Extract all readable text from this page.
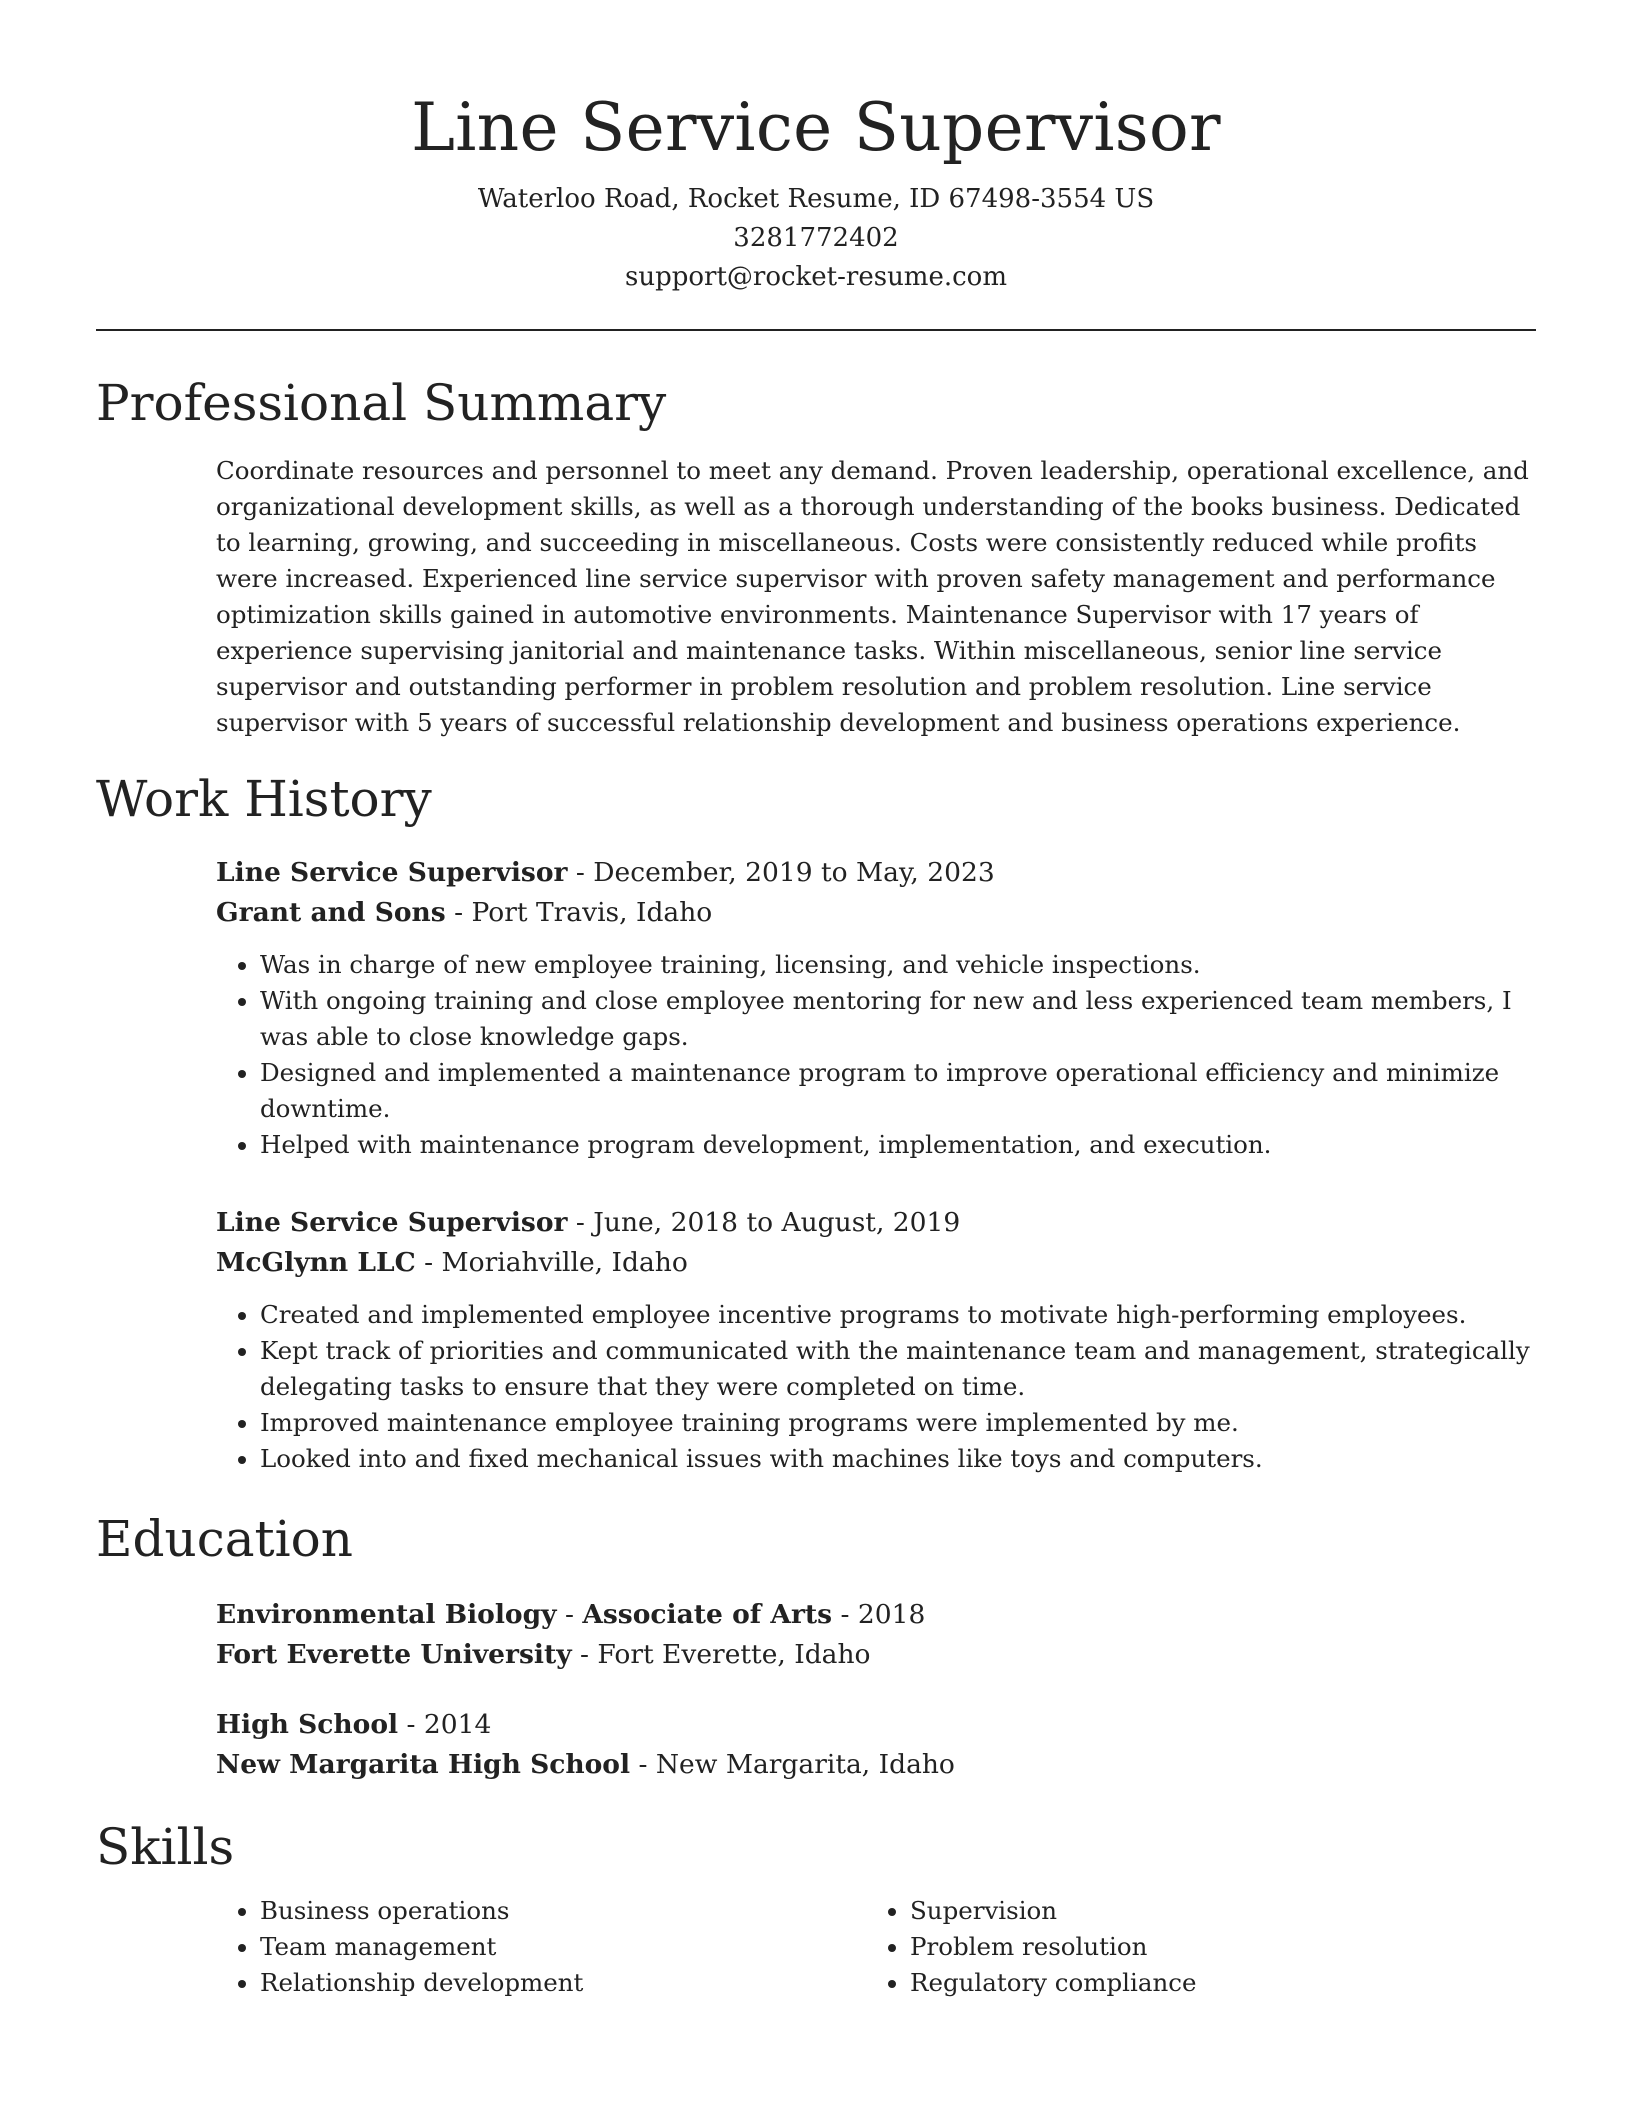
Line Service Supervisor
Waterloo Road, Rocket Resume, ID 67498-3554 US
3281772402
support@rocket-resume.com
Professional Summary

Coordinate resources and personnel to meet any demand. Proven leadership, operational excellence, and organizational development skills, as well as a thorough understanding of the books business. Dedicated to learning, growing, and succeeding in miscellaneous. Costs were consistently reduced while profits were increased. Experienced line service supervisor with proven safety management and performance optimization skills gained in automotive environments. Maintenance Supervisor with 17 years of experience supervising janitorial and maintenance tasks. Within miscellaneous, senior line service supervisor and outstanding performer in problem resolution and problem resolution. Line service supervisor with 5 years of successful relationship development and business operations experience.

Work History
Line Service Supervisor - December, 2019 to May, 2023
Grant and Sons - Port Travis, Idaho
• Was in charge of new employee training, licensing, and vehicle inspections.
• With ongoing training and close employee mentoring for new and less experienced team members, I was able to close knowledge gaps.
• Designed and implemented a maintenance program to improve operational efficiency and minimize downtime.
• Helped with maintenance program development, implementation, and execution.
Line Service Supervisor - June, 2018 to August, 2019
McGlynn LLC - Moriahville, Idaho
• Created and implemented employee incentive programs to motivate high-performing employees.
• Kept track of priorities and communicated with the maintenance team and management, strategically delegating tasks to ensure that they were completed on time.
• Improved maintenance employee training programs were implemented by me.
• Looked into and fixed mechanical issues with machines like toys and computers.
Education
Environmental Biology - Associate of Arts - 2018
Fort Everette University - Fort Everette, Idaho
High School - 2014
New Margarita High School - New Margarita, Idaho
Skills
• Business operations
• Team management
• Relationship development
• Supervision
• Problem resolution
• Regulatory compliance
